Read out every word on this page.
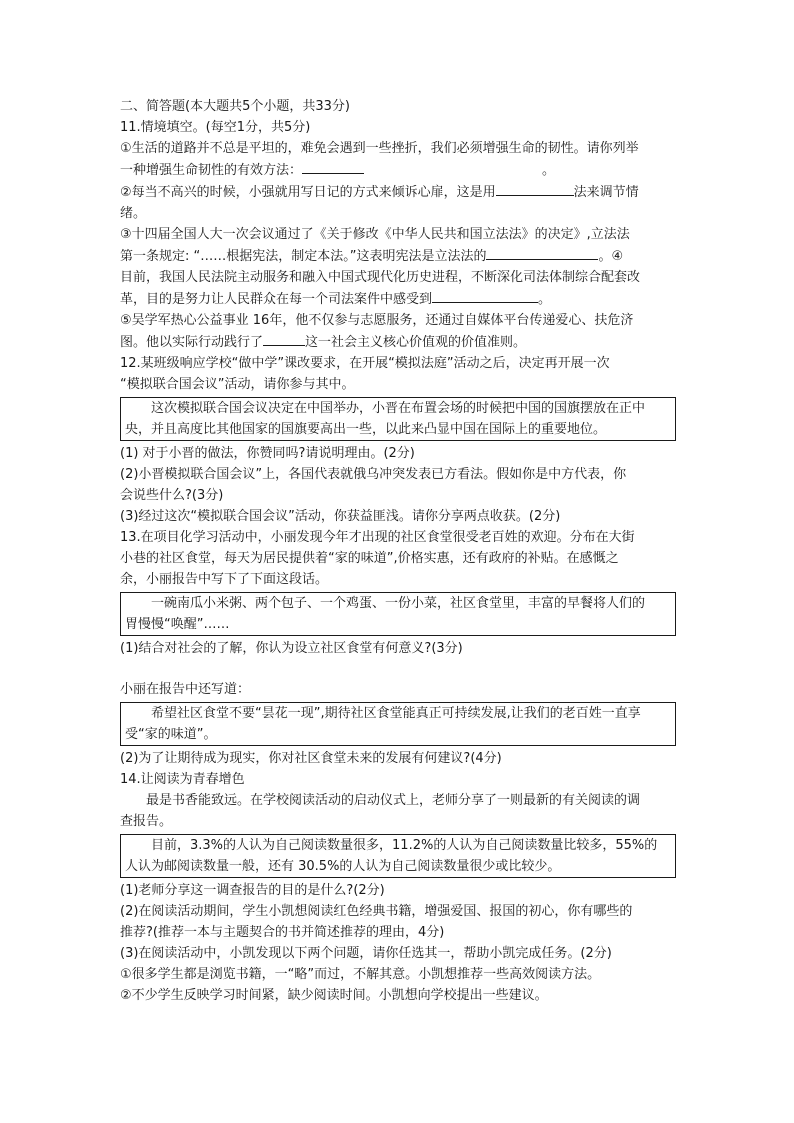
二、简答题(本大题共5个小题，共33分)
11.情境填空。(每空1分，共5分)
①生活的道路并不总是平坦的，难免会遇到一些挫折，我们必须增强生命的韧性。请你列举
一种增强生命韧性的有效方法：	。
②每当不高兴的时候，小强就用写日记的方式来倾诉心扉，这是用	法来调节情
绪。
③十四届全国人大一次会议通过了《关于修改《中华人民共和国立法法》的决定》,立法法
第一条规定: “……根据宪法，制定本法。”这表明宪法是立法法的	。④
目前，我国人民法院主动服务和融入中国式现代化历史进程，不断深化司法体制综合配套改
革，目的是努力让人民群众在每一个司法案件中感受到	。
⑤吴学军热心公益事业 16年，他不仅参与志愿服务，还通过自媒体平台传递爱心、扶危济
图。他以实际行动践行了	这一社会主义核心价值观的价值准则。
12.某班级响应学校“做中学”课改要求，在开展“模拟法庭”活动之后，决定再开展一次
“模拟联合国会议”活动，请你参与其中。
这次模拟联合国会议决定在中国举办，小晋在布置会场的时候把中国的国旗摆放在正中
央，并且高度比其他国家的国旗要高出一些，以此来凸显中国在国际上的重要地位。
(1) 对于小晋的做法，你赞同吗?请说明理由。(2分)
(2)小晋模拟联合国会议”上，各国代表就俄乌冲突发表已方看法。假如你是中方代表，你
会说些什么?(3分)
(3)经过这次“模拟联合国会议”活动，你获益匪浅。请你分享两点收获。(2分)
13.在项目化学习活动中，小丽发现今年才出现的社区食堂很受老百姓的欢迎。分布在大街
小巷的社区食堂，每天为居民提供着“家的味道”,价格实惠，还有政府的补贴。在感慨之
余，小丽报告中写下了下面这段话。
一碗南瓜小米粥、两个包子、一个鸡蛋、一份小菜，社区食堂里，丰富的早餐将人们的
胃慢慢“唤醒”……
(1)结合对社会的了解，你认为设立社区食堂有何意义?(3分)
小丽在报告中还写道：
希望社区食堂不要“昙花一现”,期待社区食堂能真正可持续发展,让我们的老百姓一直享
受“家的味道”。
(2)为了让期待成为现实，你对社区食堂未来的发展有何建议?(4分)
14.让阅读为青春增色
最是书香能致远。在学校阅读活动的启动仪式上，老师分享了一则最新的有关阅读的调
查报告。
目前，3.3%的人认为自己阅读数量很多，11.2%的人认为自己阅读数量比较多，55%的
人认为邮阅读数量一般，还有 30.5%的人认为自己阅读数量很少或比较少。
(1)老师分享这一调查报告的目的是什么?(2分)
(2)在阅读活动期间，学生小凯想阅读红色经典书籍，增强爱国、报国的初心，你有哪些的
推荐?(推荐一本与主题契合的书并简述推荐的理由，4分)
(3)在阅读活动中，小凯发现以下两个问题，请你任选其一，帮助小凯完成任务。(2分)
①很多学生都是浏览书籍，一“略”而过，不解其意。小凯想推荐一些高效阅读方法。
②不少学生反映学习时间紧，缺少阅读时间。小凯想向学校提出一些建议。
